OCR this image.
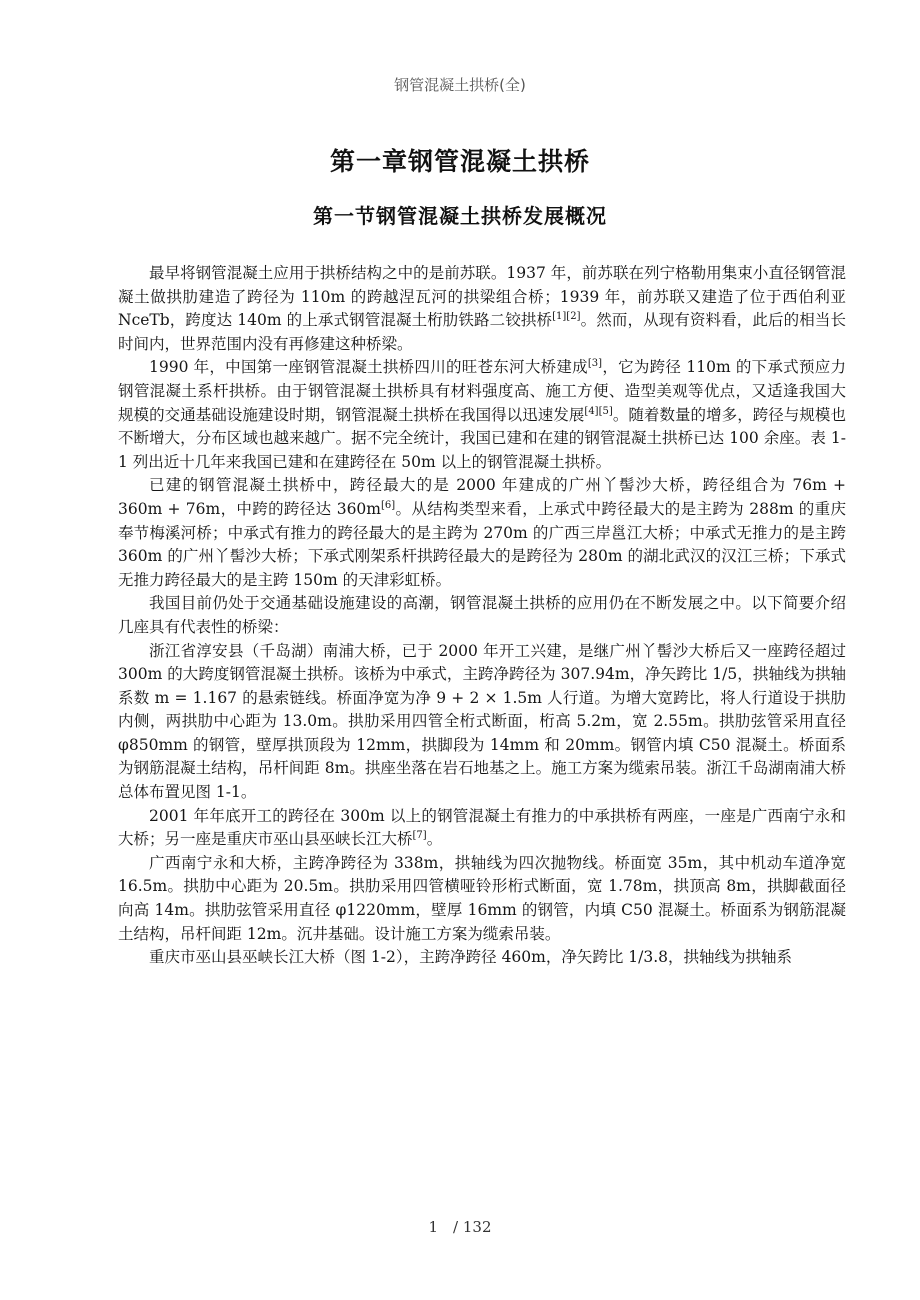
钢管混凝土拱桥(全)
第一章钢管混凝土拱桥
第一节钢管混凝土拱桥发展概况

最早将钢管混凝土应用于拱桥结构之中的是前苏联。1937 年，前苏联在列宁格勒用集束小直径钢管混凝土做拱肋建造了跨径为 110m 的跨越涅瓦河的拱梁组合桥；1939 年，前苏联又建造了位于西伯利亚 NceTb，跨度达 140m 的上承式钢管混凝土桁肋铁路二铰拱桥[1][2]。然而，从现有资料看，此后的相当长时间内，世界范围内没有再修建这种桥梁。

1990 年，中国第一座钢管混凝土拱桥四川的旺苍东河大桥建成[3]，它为跨径 110m 的下承式预应力钢管混凝土系杆拱桥。由于钢管混凝土拱桥具有材料强度高、施工方便、造型美观等优点，又适逢我国大规模的交通基础设施建设时期，钢管混凝土拱桥在我国得以迅速发展[4][5]。随着数量的增多，跨径与规模也不断增大，分布区域也越来越广。据不完全统计，我国已建和在建的钢管混凝土拱桥已达 100 余座。表 1-1 列出近十几年来我国已建和在建跨径在 50m 以上的钢管混凝土拱桥。

已建的钢管混凝土拱桥中，跨径最大的是 2000 年建成的广州丫髻沙大桥，跨径组合为 76m + 360m + 76m，中跨的跨径达 360m[6]。从结构类型来看，上承式中跨径最大的是主跨为 288m 的重庆奉节梅溪河桥；中承式有推力的跨径最大的是主跨为 270m 的广西三岸邕江大桥；中承式无推力的是主跨 360m 的广州丫髻沙大桥；下承式刚架系杆拱跨径最大的是跨径为 280m 的湖北武汉的汉江三桥；下承式无推力跨径最大的是主跨 150m 的天津彩虹桥。

我国目前仍处于交通基础设施建设的高潮，钢管混凝土拱桥的应用仍在不断发展之中。以下简要介绍几座具有代表性的桥梁：

浙江省淳安县（千岛湖）南浦大桥，已于 2000 年开工兴建，是继广州丫髻沙大桥后又一座跨径超过 300m 的大跨度钢管混凝土拱桥。该桥为中承式，主跨净跨径为 307.94m，净矢跨比 1/5，拱轴线为拱轴系数 m = 1.167 的悬索链线。桥面净宽为净 9 + 2 × 1.5m 人行道。为增大宽跨比，将人行道设于拱肋内侧，两拱肋中心距为 13.0m。拱肋采用四管全桁式断面，桁高 5.2m，宽 2.55m。拱肋弦管采用直径 φ850mm 的钢管，壁厚拱顶段为 12mm，拱脚段为 14mm 和 20mm。钢管内填 C50 混凝土。桥面系为钢筋混凝土结构，吊杆间距 8m。拱座坐落在岩石地基之上。施工方案为缆索吊装。浙江千岛湖南浦大桥总体布置见图 1-1。

2001 年年底开工的跨径在 300m 以上的钢管混凝土有推力的中承拱桥有两座，一座是广西南宁永和大桥；另一座是重庆市巫山县巫峡长江大桥[7]。

广西南宁永和大桥，主跨净跨径为 338m，拱轴线为四次抛物线。桥面宽 35m，其中机动车道净宽 16.5m。拱肋中心距为 20.5m。拱肋采用四管横哑铃形桁式断面，宽 1.78m，拱顶高 8m，拱脚截面径向高 14m。拱肋弦管采用直径 φ1220mm，壁厚 16mm 的钢管，内填 C50 混凝土。桥面系为钢筋混凝土结构，吊杆间距 12m。沉井基础。设计施工方案为缆索吊装。

重庆市巫山县巫峡长江大桥（图 1-2），主跨净跨径 460m，净矢跨比 1/3.8，拱轴线为拱轴系

1　/ 132
